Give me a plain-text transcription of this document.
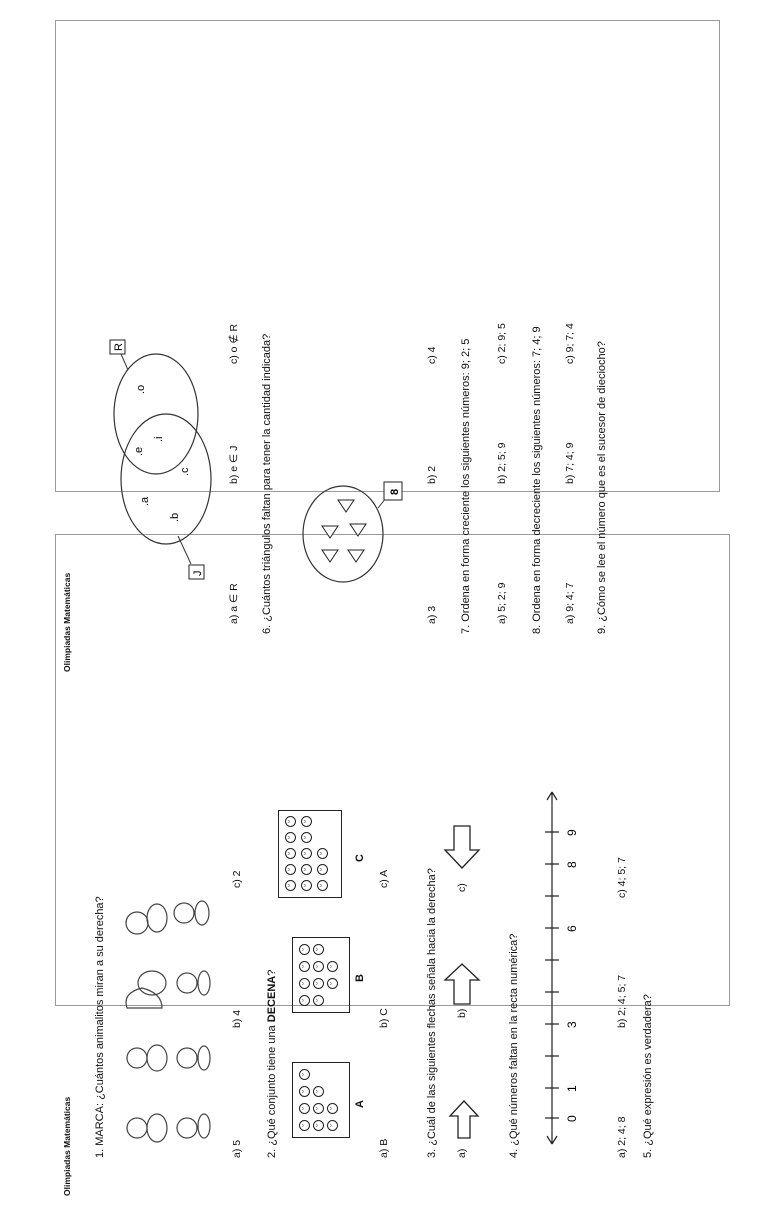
Olimpiadas Matemáticas 1. MARCA: ¿Cuántos animalitos miran a su derecha?	a) 5
b) 4
c) 2
2. ¿Qué conjunto tiene una DECENA?
ᵕ
ᵕ
ᵕ
ᵕ
ᵕ
ᵕ
ᵕ	ᵕ
ᵕ
ᵕ
ᵕ
ᵕ
ᵕ
ᵕ
ᵕ
ᵕ
ᵕ
ᵕ
ᵕ
ᵕ
ᵕ
ᵕ
ᵕ
ᵕ
ᵕ
ᵕ
ᵕ
ᵕ
ᵕ
ᵕ
ᵕ
ᵕ
A
B
C
a) B
b) C
c) A	3. ¿Cuál de las siguientes flechas señala hacia la derecha? a)
b)
c)
4. ¿Qué números faltan en la recta numérica?	0
1
3
6
8
9
a) 2; 4; 8
b) 2; 4; 5; 7
c) 4; 5; 7
5. ¿Qué expresión es verdadera?
Olimpiadas Matemáticas	J
R
.a
.b
.e
.i
.c
.o
a) a ∈ R
b) e ∈ J
c) o ∉ R 6. ¿Cuántos triángulos faltan para tener la cantidad indicada?	8
a) 3
b) 2
c) 4 7. Ordena en forma creciente los siguientes números: 9; 2; 5 a) 5; 2; 9
b) 2; 5; 9
c) 2; 9; 5 8. Ordena en forma decreciente los siguientes números: 7; 4; 9 a) 9; 4; 7
b) 7; 4; 9
c) 9; 7; 4 9. ¿Cómo se lee el número que es el sucesor de dieciocho?
